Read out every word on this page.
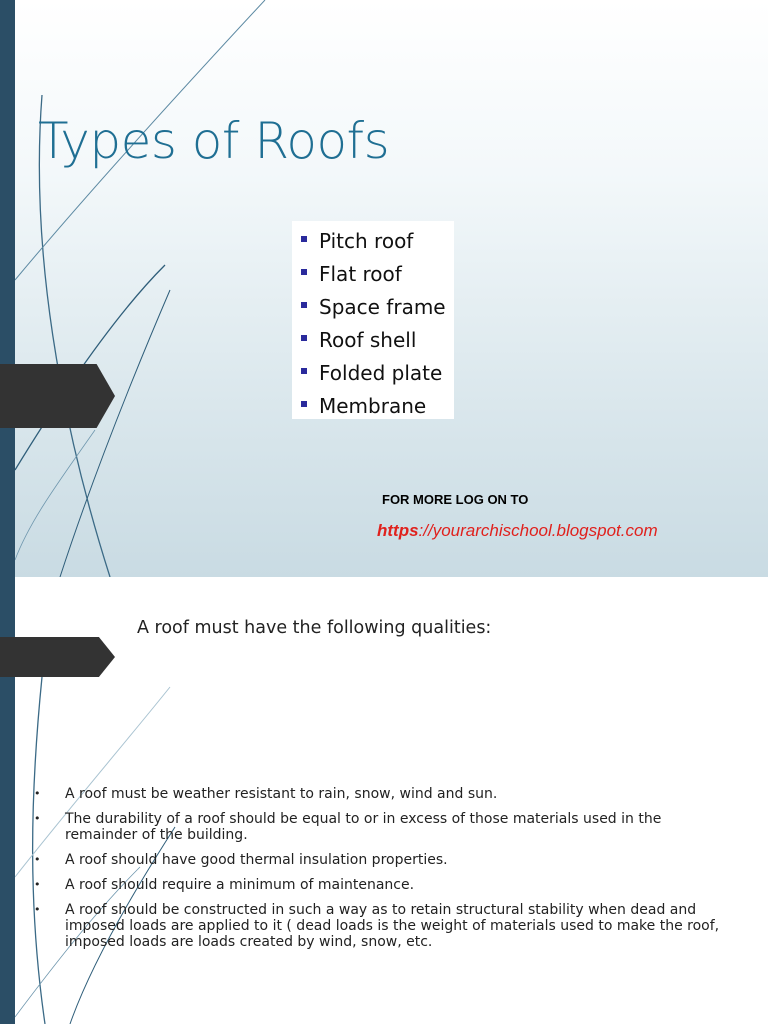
Types of Roofs
Pitch roof
Flat roof
Space frame
Roof shell
Folded plate
Membrane
FOR MORE LOG ON TO
https://yourarchischool.blogspot.com
A roof must have the following qualities:
• A roof must be weather resistant to rain, snow, wind and sun.
• The durability of a roof should be equal to or in excess of those materials used in the remainder of the building.
• A roof should have good thermal insulation properties.
• A roof should require a minimum of maintenance.
• A roof should be constructed in such a way as to retain structural stability when dead and imposed loads are applied to it ( dead loads is the weight of materials used to make the roof, imposed loads are loads created by wind, snow, etc.
